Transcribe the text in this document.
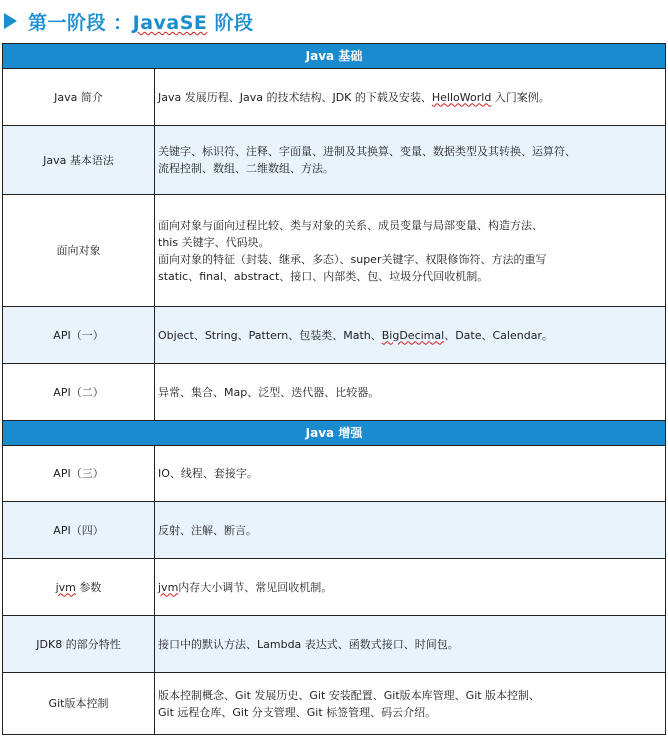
第一阶段 ：JavaSE 阶段
Java 基础	
Java 简介	Java 发展历程、Java 的技术结构、JDK 的下载及安装、HelloWorld 入门案例。

Java 基本语法	关键字、标识符、注释、字面量、进制及其换算、变量、数据类型及其转换、运算符、
流程控制、数组、二维数组、方法。

面向对象	面向对象与面向过程比较、类与对象的关系、成员变量与局部变量、构造方法、
this 关键字、代码块。
面向对象的特征（封装、继承、多态）、super关键字、权限修饰符、方法的重写
static、final、abstract、接口、内部类、包、垃圾分代回收机制。

API（一）	Object、String、Pattern、包装类、Math、BigDecimal、Date、Calendar。

API（二）	异常、集合、Map、泛型、迭代器、比较器。

Java 增强	
API（三）	IO、线程、套接字。

API（四）	反射、注解、断言。

jvm 参数	jvm内存大小调节、常见回收机制。

JDK8 的部分特性	接口中的默认方法、Lambda 表达式、函数式接口、时间包。

Git版本控制	版本控制概念、Git 发展历史、Git 安装配置、Git版本库管理、Git 版本控制、
Git 远程仓库、Git 分支管理、Git 标签管理、码云介绍。
